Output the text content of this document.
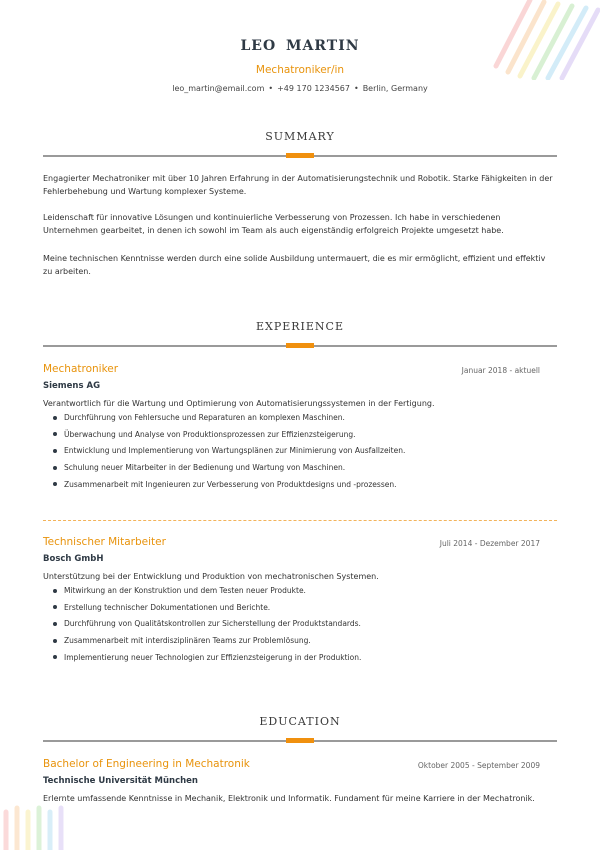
LEO MARTIN

Mechatroniker/in
leo_martin@email.com • +49 170 1234567 • Berlin, Germany

SUMMARY

Engagierter Mechatroniker mit über 10 Jahren Erfahrung in der Automatisierungstechnik und Robotik. Starke Fähigkeiten in der Fehlerbehebung und Wartung komplexer Systeme.

Leidenschaft für innovative Lösungen und kontinuierliche Verbesserung von Prozessen. Ich habe in verschiedenen Unternehmen gearbeitet, in denen ich sowohl im Team als auch eigenständig erfolgreich Projekte umgesetzt habe.

Meine technischen Kenntnisse werden durch eine solide Ausbildung untermauert, die es mir ermöglicht, effizient und effektiv zu arbeiten.

EXPERIENCE

Mechatroniker	Januar 2018 - aktuell
Siemens AG
Verantwortlich für die Wartung und Optimierung von Automatisierungssystemen in der Fertigung.
Durchführung von Fehlersuche und Reparaturen an komplexen Maschinen.
Überwachung und Analyse von Produktionsprozessen zur Effizienzsteigerung.
Entwicklung und Implementierung von Wartungsplänen zur Minimierung von Ausfallzeiten.
Schulung neuer Mitarbeiter in der Bedienung und Wartung von Maschinen.
Zusammenarbeit mit Ingenieuren zur Verbesserung von Produktdesigns und -prozessen.
Technischer Mitarbeiter	Juli 2014 - Dezember 2017
Bosch GmbH
Unterstützung bei der Entwicklung und Produktion von mechatronischen Systemen.
Mitwirkung an der Konstruktion und dem Testen neuer Produkte.
Erstellung technischer Dokumentationen und Berichte.
Durchführung von Qualitätskontrollen zur Sicherstellung der Produktstandards.
Zusammenarbeit mit interdisziplinären Teams zur Problemlösung.
Implementierung neuer Technologien zur Effizienzsteigerung in der Produktion.

EDUCATION

Bachelor of Engineering in Mechatronik	Oktober 2005 - September 2009
Technische Universität München
Erlernte umfassende Kenntnisse in Mechanik, Elektronik und Informatik. Fundament für meine Karriere in der Mechatronik.
